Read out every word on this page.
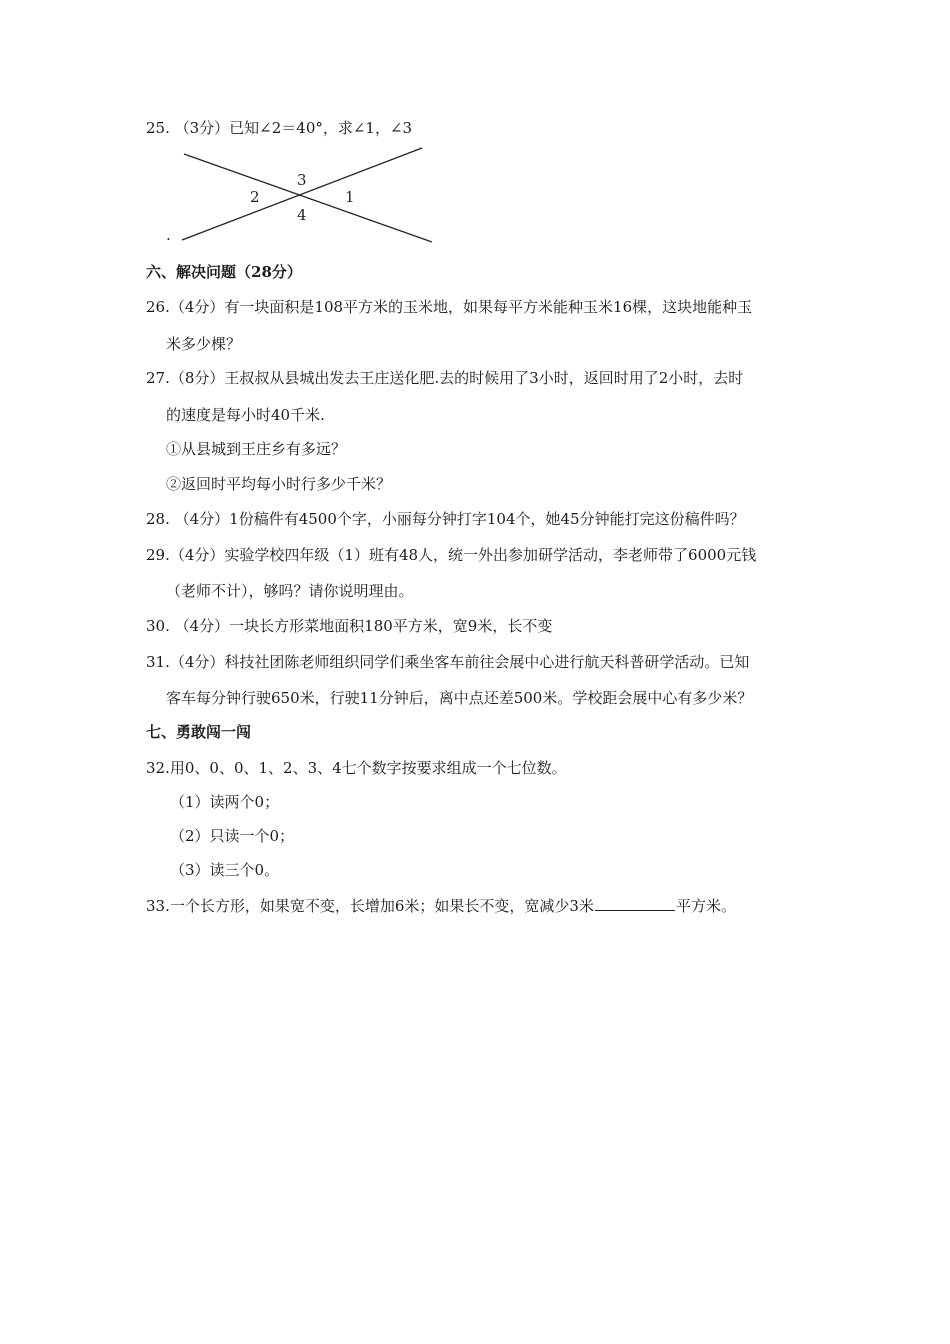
25. （3分）已知∠2＝40°，求∠1，∠3
3
2	1
4
.
六、解决问题（28分）
26.（4分）有一块面积是108平方米的玉米地，如果每平方米能种玉米16棵，这块地能种玉
米多少棵？
27.（8分）王叔叔从县城出发去王庄送化肥.去的时候用了3小时，返回时用了2小时，去时
的速度是每小时40千米.
①从县城到王庄乡有多远？
②返回时平均每小时行多少千米？
28. （4分）1份稿件有4500个字，小丽每分钟打字104个，她45分钟能打完这份稿件吗？
29.（4分）实验学校四年级（1）班有48人，统一外出参加研学活动，李老师带了6000元钱
（老师不计），够吗？请你说明理由。
30. （4分）一块长方形菜地面积180平方米，宽9米，长不变
31.（4分）科技社团陈老师组织同学们乘坐客车前往会展中心进行航天科普研学活动。已知
客车每分钟行驶650米，行驶11分钟后，离中点还差500米。学校距会展中心有多少米？
七、勇敢闯一闯
32.用0、0、0、1、2、3、4七个数字按要求组成一个七位数。
（1）读两个0；
（2）只读一个0；
（3）读三个0。
33.一个长方形，如果宽不变，长增加6米；如果长不变，宽减少3米	平方米。
